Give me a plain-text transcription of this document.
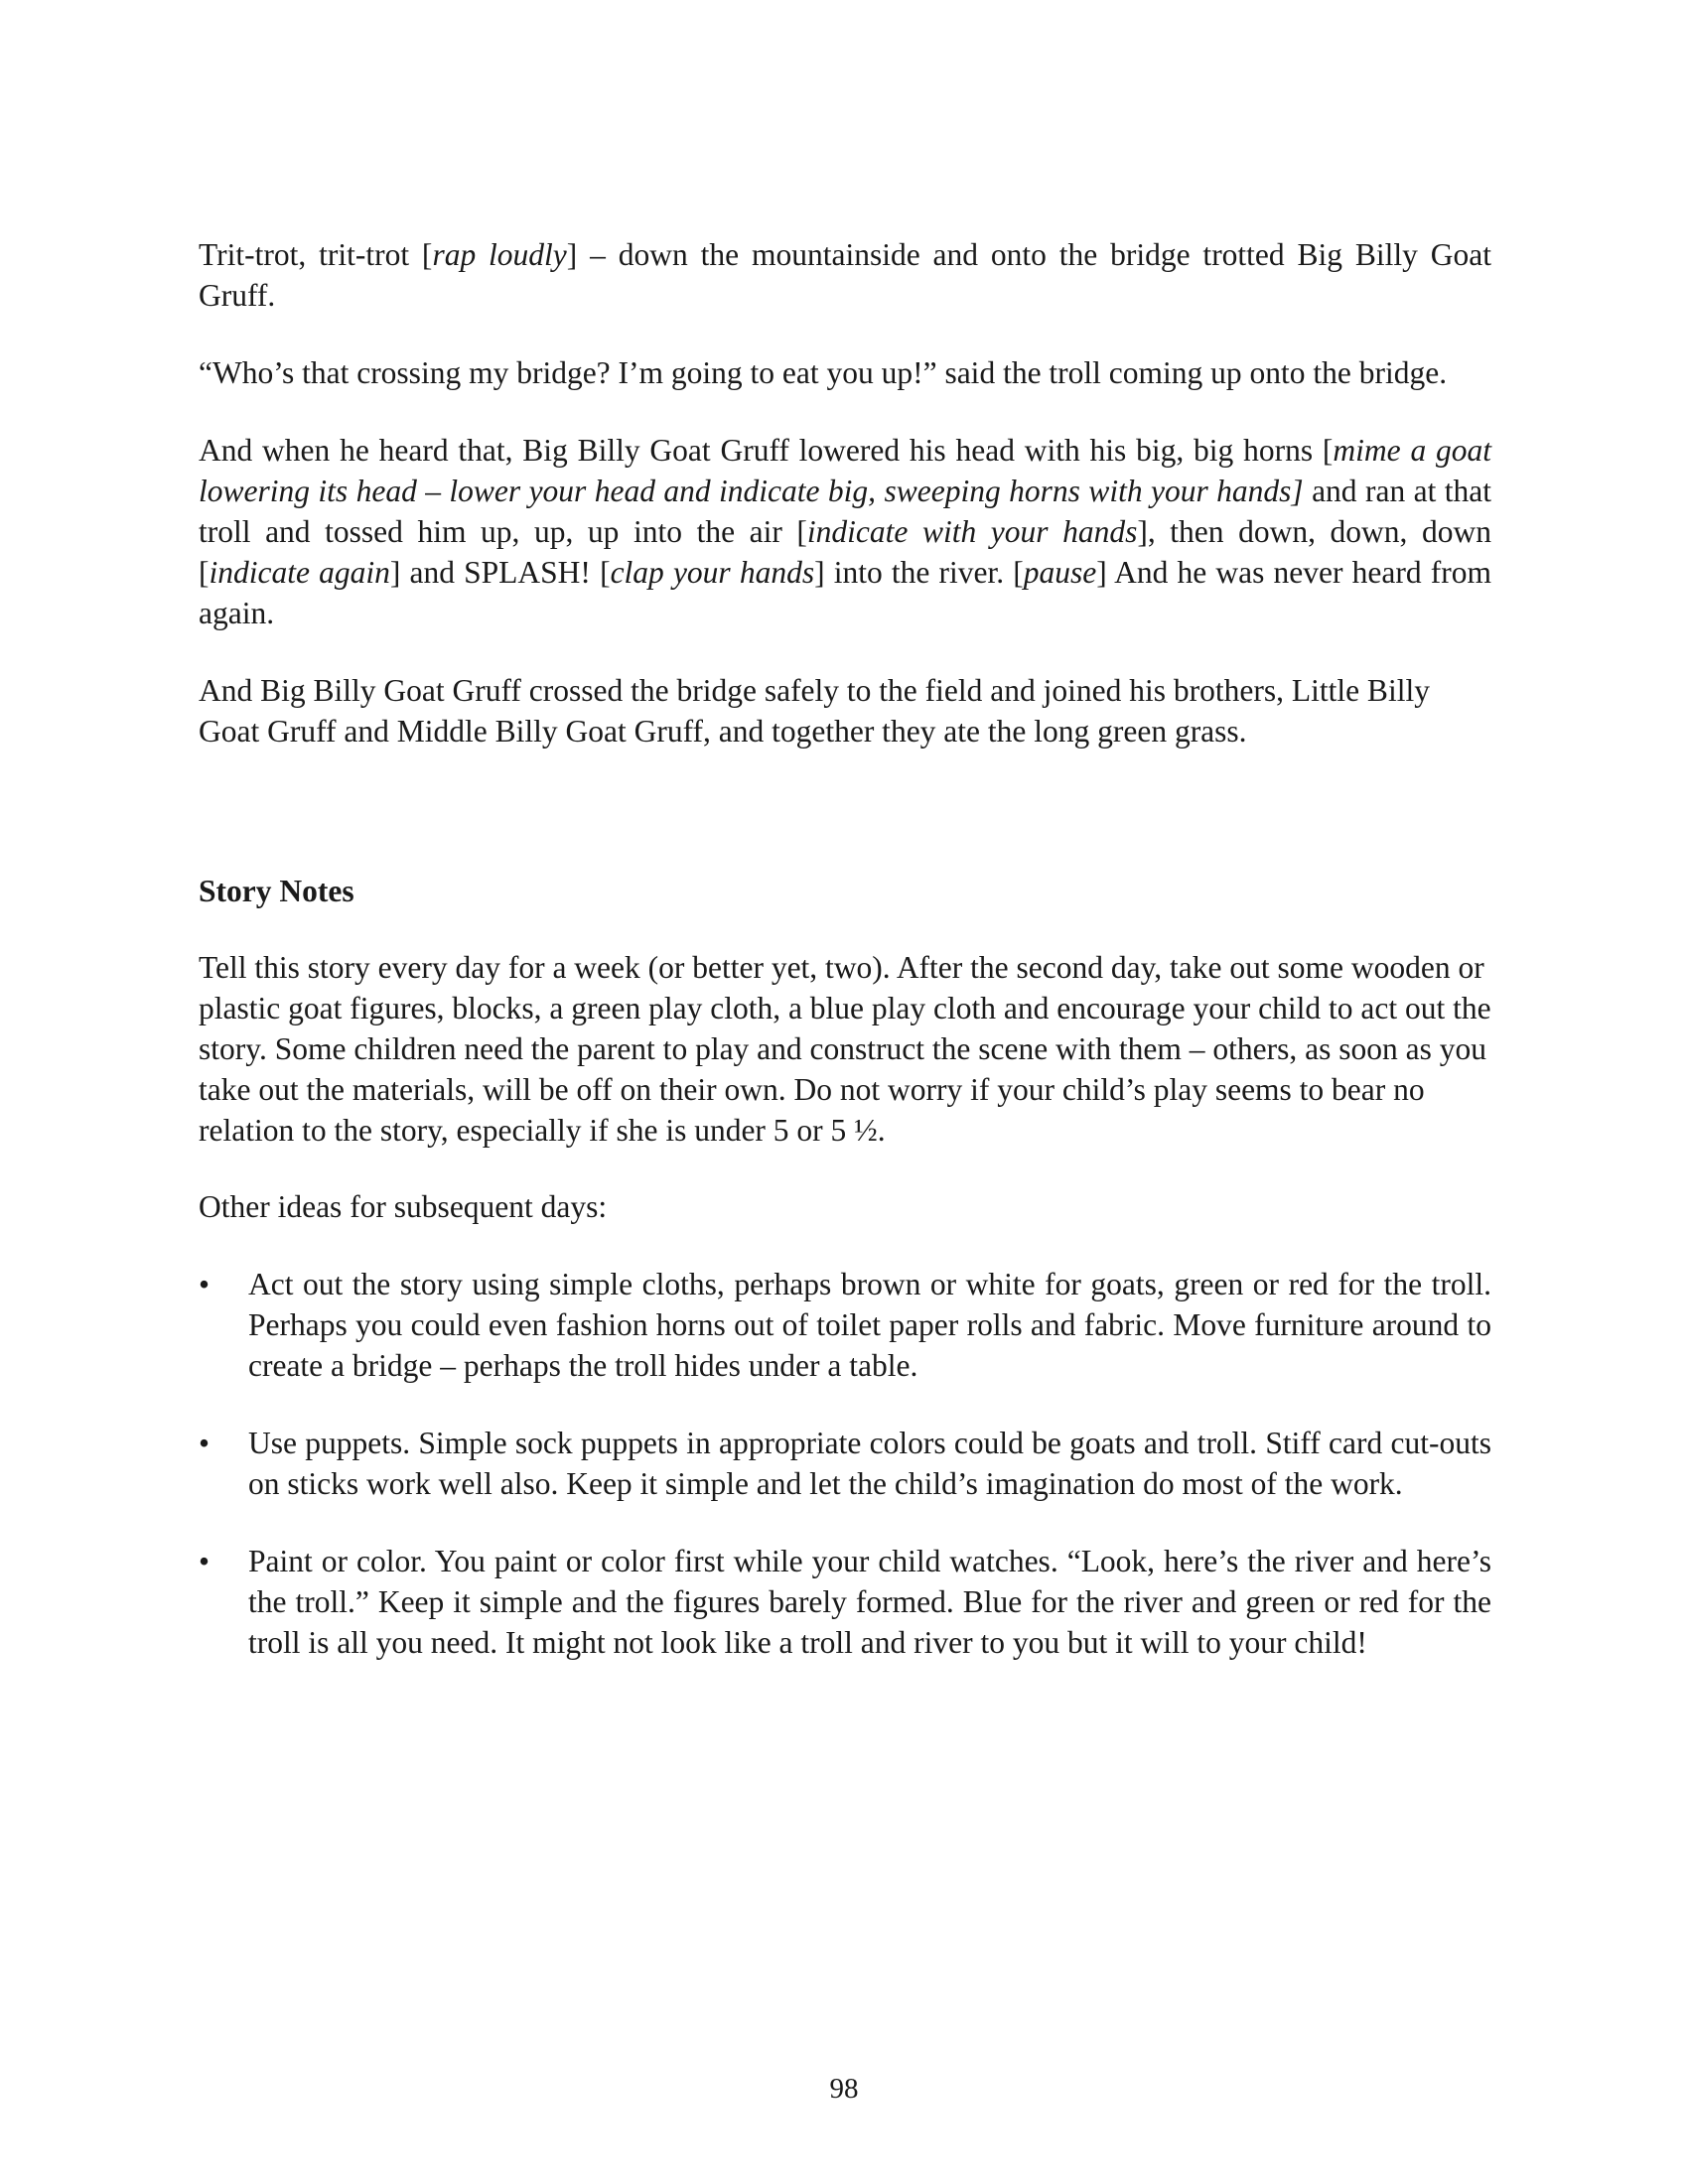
Trit-trot, trit-trot [rap loudly] – down the mountainside and onto the bridge trotted Big Billy Goat Gruff.

“Who’s that crossing my bridge? I’m going to eat you up!” said the troll coming up onto the bridge.

And when he heard that, Big Billy Goat Gruff lowered his head with his big, big horns [mime a goat lowering its head – lower your head and indicate big, sweeping horns with your hands] and ran at that troll and tossed him up, up, up into the air [indicate with your hands], then down, down, down [indicate again] and SPLASH! [clap your hands] into the river. [pause] And he was never heard from again.

And Big Billy Goat Gruff crossed the bridge safely to the field and joined his brothers, Little Billy Goat Gruff and Middle Billy Goat Gruff, and together they ate the long green grass.

Story Notes

Tell this story every day for a week (or better yet, two). After the second day, take out some wooden or plastic goat figures, blocks, a green play cloth, a blue play cloth and encourage your child to act out the story. Some children need the parent to play and construct the scene with them – others, as soon as you take out the materials, will be off on their own. Do not worry if your child’s play seems to bear no relation to the story, especially if she is under 5 or 5 ½.

Other ideas for subsequent days:

• Act out the story using simple cloths, perhaps brown or white for goats, green or red for the troll. Perhaps you could even fashion horns out of toilet paper rolls and fabric. Move furniture around to create a bridge – perhaps the troll hides under a table.
• Use puppets. Simple sock puppets in appropriate colors could be goats and troll. Stiff card cut-outs on sticks work well also. Keep it simple and let the child’s imagination do most of the work.
• Paint or color. You paint or color first while your child watches. “Look, here’s the river and here’s the troll.” Keep it simple and the figures barely formed. Blue for the river and green or red for the troll is all you need. It might not look like a troll and river to you but it will to your child!
98
